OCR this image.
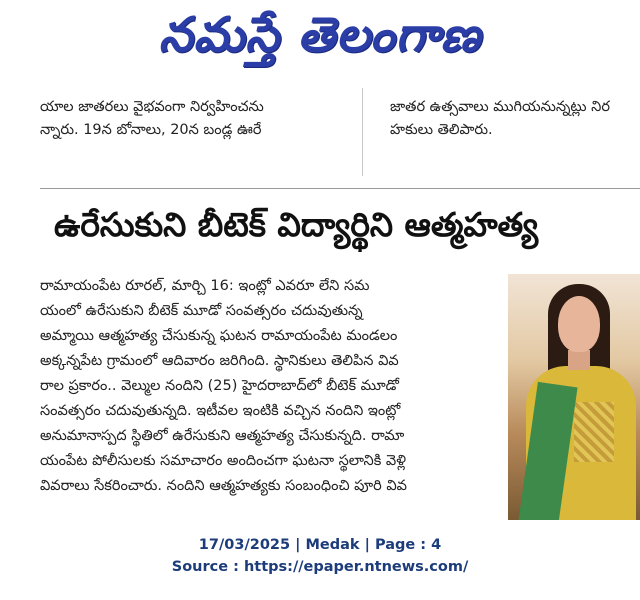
నమస్తే తెలంగాణ

యాల జాతరలు వైభవంగా నిర్వహించను
న్నారు. 19న బోనాలు, 20న బండ్ల ఊరే

జాతర ఉత్సవాలు ముగియనున్నట్లు నిర
హకులు తెలిపారు.
ఉరేసుకుని బీటెక్ విద్యార్థిని ఆత్మహత్య
రామాయంపేట రూరల్, మార్చి 16: ఇంట్లో ఎవరూ లేని సమ
యంలో ఉరేసుకుని బీటెక్ మూడో సంవత్సరం చదువుతున్న
అమ్మాయి ఆత్మహత్య చేసుకున్న ఘటన రామాయంపేట మండలం
అక్కన్నపేట గ్రామంలో ఆదివారం జరిగింది. స్థానికులు తెలిపిన వివ
రాల ప్రకారం.. వెల్ముల నందిని (25) హైదరాబాద్‌లో బీటెక్ మూడో
సంవత్సరం చదువుతున్నది. ఇటీవల ఇంటికి వచ్చిన నందిని ఇంట్లో
అనుమానాస్పద స్థితిలో ఉరేసుకుని ఆత్మహత్య చేసుకున్నది. రామా
యంపేట పోలీసులకు సమాచారం అందించగా ఘటనా స్థలానికి వెళ్లి
వివరాలు సేకరించారు. నందిని ఆత్మహత్యకు సంబంధించి పూరి వివ
17/03/2025 | Medak | Page : 4
Source : https://epaper.ntnews.com/
